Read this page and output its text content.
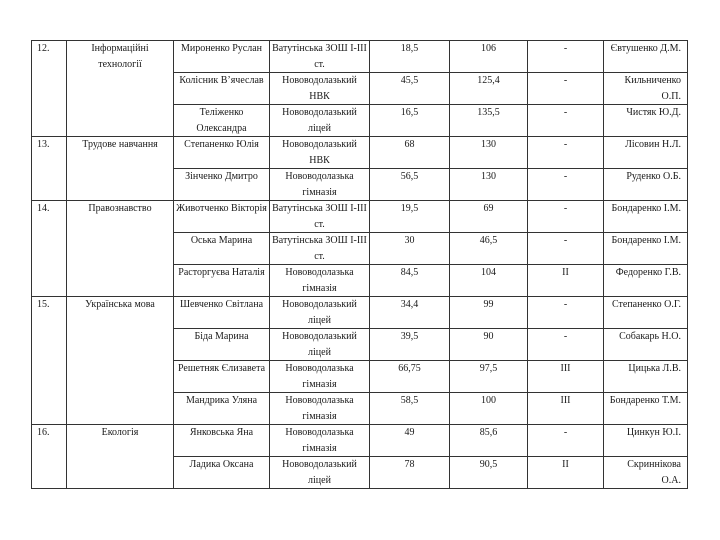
12.	Інформаційні технології	Мироненко Руслан	Ватутінська ЗОШ І-ІІІ ст.	18,5	106	-	Євтушенко Д.М.
		Колісник В’ячеслав	Нововодолазький НВК	45,5	125,4	-	Кильниченко О.П.
		Теліженко Олександра	Нововодолазький ліцей	16,5	135,5	-	Чистяк Ю.Д.
13.	Трудове навчання	Степаненко Юлія	Нововодолазький НВК	68	130	-	Лісовин Н.Л.
		Зінченко Дмитро	Нововодолазька гімназія	56,5	130	-	Руденко О.Б.
14.	Правознавство	Животченко Вікторія	Ватутінська ЗОШ І-ІІІ ст.	19,5	69	-	Бондаренко І.М.
		Оська Марина	Ватутінська ЗОШ І-ІІІ ст.	30	46,5	-	Бондаренко І.М.
		Расторгуєва Наталія	Нововодолазька гімназія	84,5	104	ІІ	Федоренко Г.В.
15.	Українська мова	Шевченко Світлана	Нововодолазький ліцей	34,4	99	-	Степаненко О.Г.
		Біда Марина	Нововодолазький ліцей	39,5	90	-	Собакарь Н.О.
		Решетняк Єлизавета	Нововодолазька гімназія	66,75	97,5	ІІІ	Цицька Л.В.
		Мандрика Уляна	Нововодолазька гімназія	58,5	100	ІІІ	Бондаренко Т.М.
16.	Екологія	Янковська Яна	Нововодолазька гімназія	49	85,6	-	Цинкун Ю.І.
		Ладика Оксана	Нововодолазький ліцей	78	90,5	ІІ	Скриннікова О.А.
